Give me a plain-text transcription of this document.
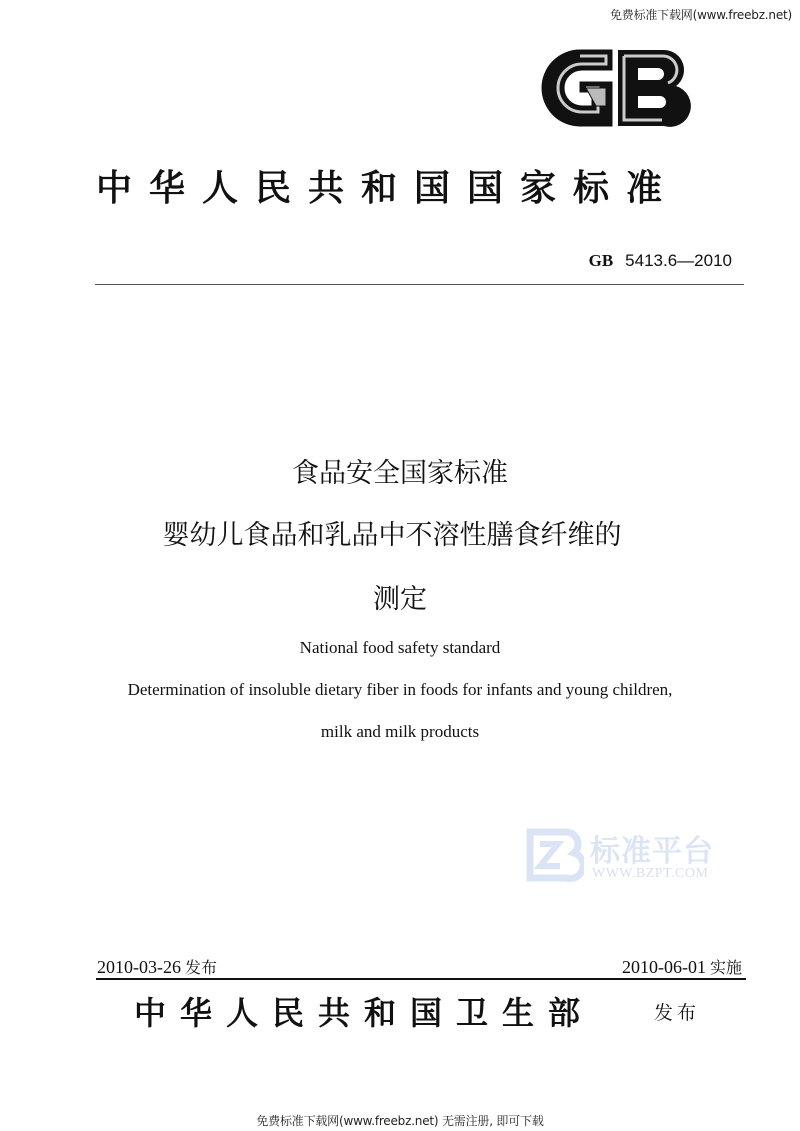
免费标准下载网(www.freebz.net)
中华人民共和国国家标准
GB 5413.6—2010
食品安全国家标准
婴幼儿食品和乳品中不溶性膳食纤维的
测定
National food safety standard
Determination of insoluble dietary fiber in foods for infants and young children,
milk and milk products
标准平台
WWW.BZPT.COM
2010-03-26 发布	2010-06-01 实施
中华人民共和国卫生部	发布
免费标准下载网(www.freebz.net) 无需注册, 即可下载
